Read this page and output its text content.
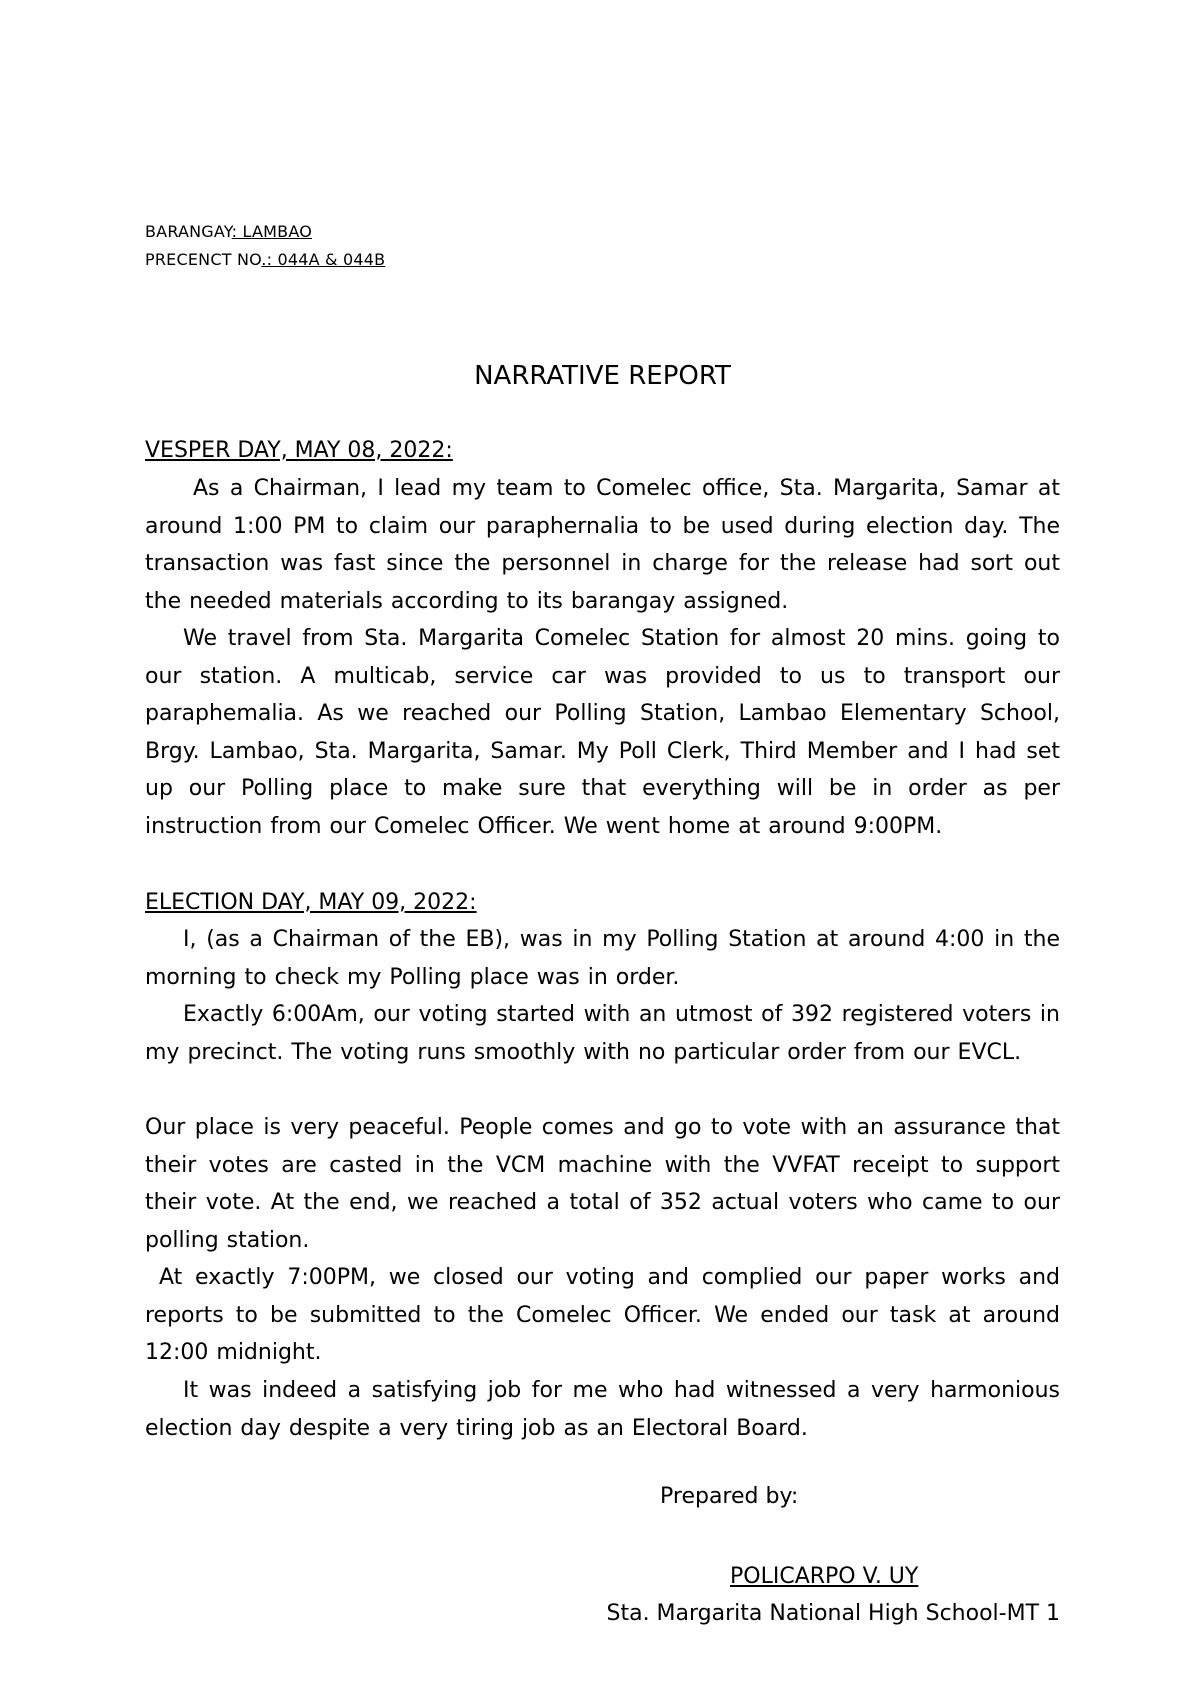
BARANGAY: LAMBAO
PRECENCT NO.: 044A & 044B
NARRATIVE REPORT
VESPER DAY, MAY 08, 2022:
As a Chairman, I lead my team to Comelec office, Sta. Margarita, Samar at around 1:00 PM to claim our paraphernalia to be used during election day. The transaction was fast since the personnel in charge for the release had sort out the needed materials according to its barangay assigned.
We travel from Sta. Margarita Comelec Station for almost 20 mins. going to our station. A multicab, service car was provided to us to transport our paraphemalia. As we reached our Polling Station, Lambao Elementary School, Brgy. Lambao, Sta. Margarita, Samar. My Poll Clerk, Third Member and I had set up our Polling place to make sure that everything will be in order as per instruction from our Comelec Officer. We went home at around 9:00PM.
ELECTION DAY, MAY 09, 2022:
I, (as a Chairman of the EB), was in my Polling Station at around 4:00 in the morning to check my Polling place was in order.
Exactly 6:00Am, our voting started with an utmost of 392 registered voters in my precinct. The voting runs smoothly with no particular order from our EVCL.
Our place is very peaceful. People comes and go to vote with an assurance that their votes are casted in the VCM machine with the VVFAT receipt to support their vote. At the end, we reached a total of 352 actual voters who came to our polling station.
At exactly 7:00PM, we closed our voting and complied our paper works and reports to be submitted to the Comelec Officer. We ended our task at around 12:00 midnight.
It was indeed a satisfying job for me who had witnessed a very harmonious election day despite a very tiring job as an Electoral Board.
Prepared by:
POLICARPO V. UY
Sta. Margarita National High School-MT 1
